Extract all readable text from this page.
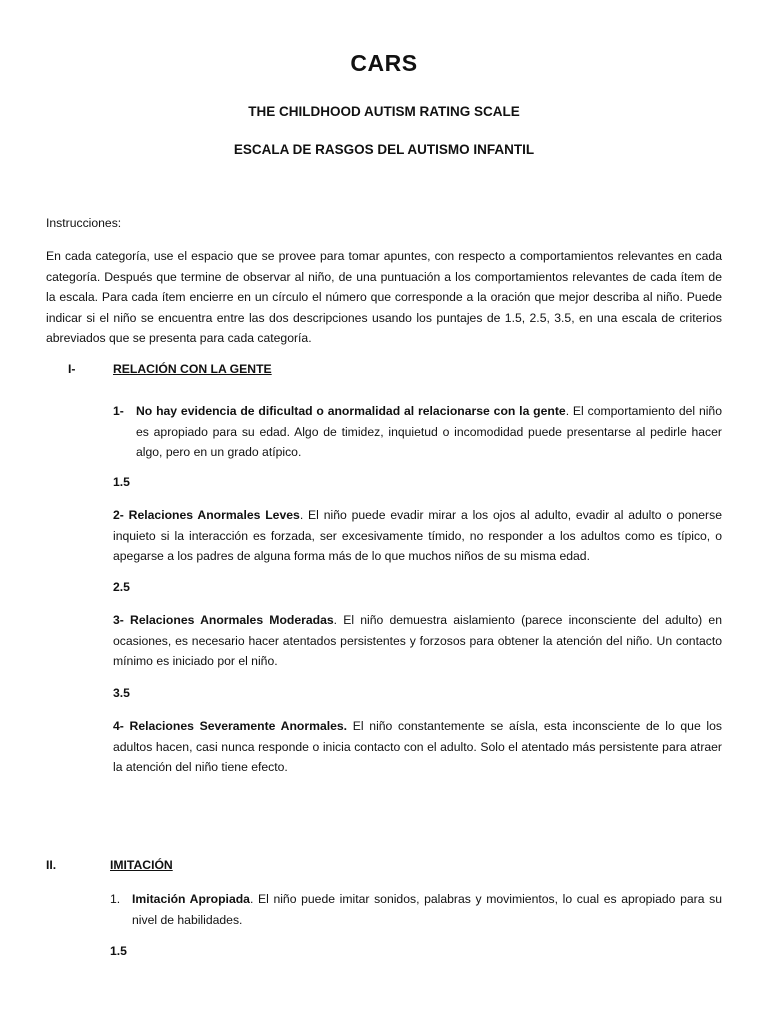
CARS
THE CHILDHOOD AUTISM RATING SCALE
ESCALA DE RASGOS DEL AUTISMO INFANTIL
Instrucciones:

En cada categoría, use el espacio que se provee para tomar apuntes, con respecto a comportamientos relevantes en cada categoría. Después que termine de observar al niño, de una puntuación a los comportamientos relevantes de cada ítem de la escala. Para cada ítem encierre en un círculo el número que corresponde a la oración que mejor describa al niño. Puede indicar si el niño se encuentra entre las dos descripciones usando los puntajes de 1.5, 2.5, 3.5, en una escala de criterios abreviados que se presenta para cada categoría.

I-	RELACIÓN CON LA GENTE
1- No hay evidencia de dificultad o anormalidad al relacionarse con la gente. El comportamiento del niño es apropiado para su edad. Algo de timidez, inquietud o incomodidad puede presentarse al pedirle hacer algo, pero en un grado atípico.
1.5

2- Relaciones Anormales Leves. El niño puede evadir mirar a los ojos al adulto, evadir al adulto o ponerse inquieto si la interacción es forzada, ser excesivamente tímido, no responder a los adultos como es típico, o apegarse a los padres de alguna forma más de lo que muchos niños de su misma edad.

2.5

3- Relaciones Anormales Moderadas. El niño demuestra aislamiento (parece inconsciente del adulto) en ocasiones, es necesario hacer atentados persistentes y forzosos para obtener la atención del niño. Un contacto mínimo es iniciado por el niño.

3.5

4- Relaciones Severamente Anormales. El niño constantemente se aísla, esta inconsciente de lo que los adultos hacen, casi nunca responde o inicia contacto con el adulto. Solo el atentado más persistente para atraer la atención del niño tiene efecto.

II.	IMITACIÓN
1. Imitación Apropiada. El niño puede imitar sonidos, palabras y movimientos, lo cual es apropiado para su nivel de habilidades.
1.5
